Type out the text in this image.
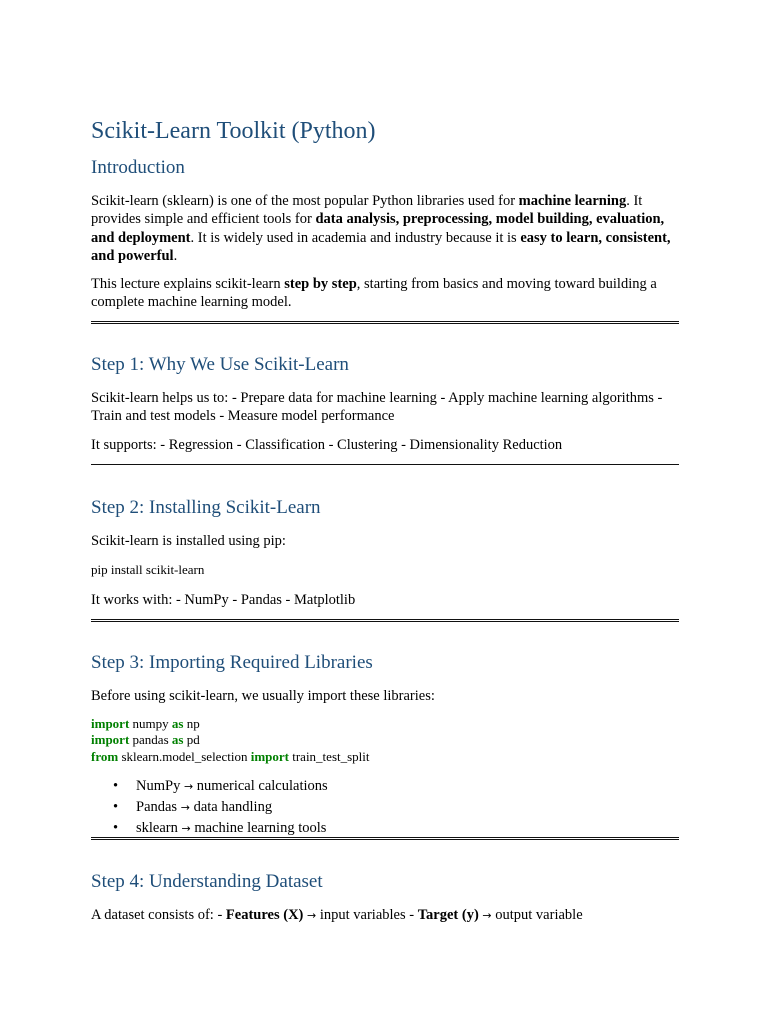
Scikit-Learn Toolkit (Python)
Introduction

Scikit-learn (sklearn) is one of the most popular Python libraries used for machine learning. It provides simple and efficient tools for data analysis, preprocessing, model building, evaluation, and deployment. It is widely used in academia and industry because it is easy to learn, consistent, and powerful.

This lecture explains scikit-learn step by step, starting from basics and moving toward building a complete machine learning model.

Step 1: Why We Use Scikit-Learn

Scikit-learn helps us to: - Prepare data for machine learning - Apply machine learning algorithms - Train and test models - Measure model performance

It supports: - Regression - Classification - Clustering - Dimensionality Reduction

Step 2: Installing Scikit-Learn

Scikit-learn is installed using pip:

pip install scikit-learn

It works with: - NumPy - Pandas - Matplotlib

Step 3: Importing Required Libraries

Before using scikit-learn, we usually import these libraries:

import numpy as np
import pandas as pd
from sklearn.model_selection import train_test_split
• NumPy → numerical calculations
• Pandas → data handling
• sklearn → machine learning tools
Step 4: Understanding Dataset

A dataset consists of: - Features (X) → input variables - Target (y) → output variable
